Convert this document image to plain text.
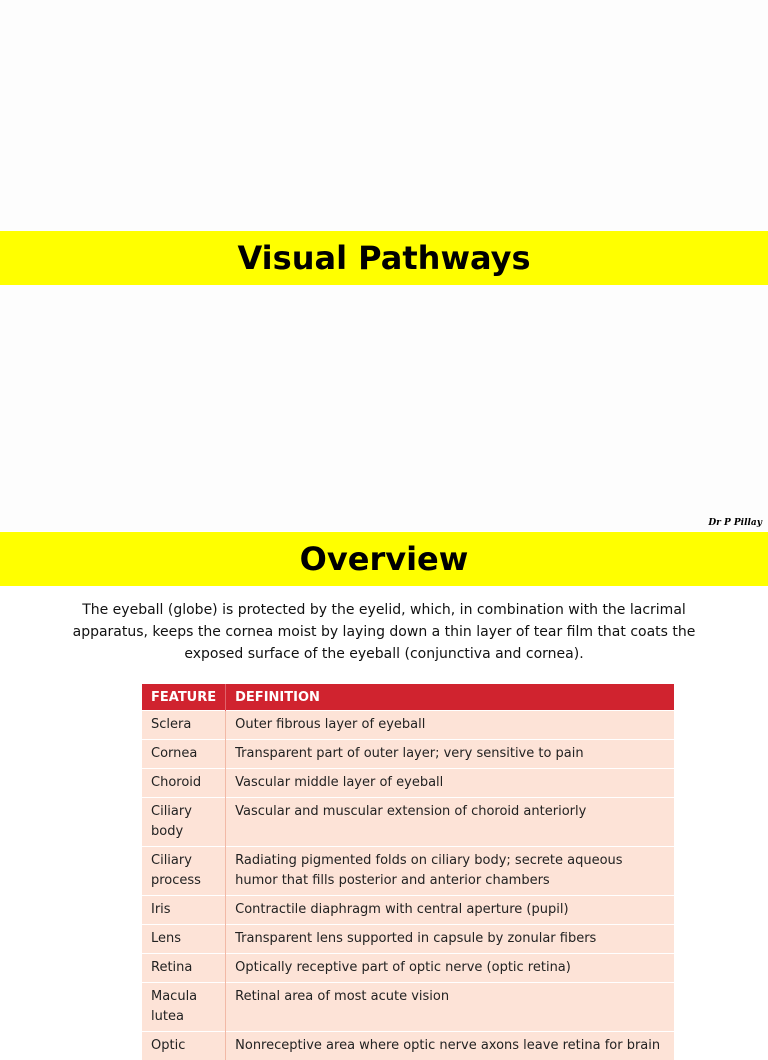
Visual Pathways
Dr P Pillay
Overview
The eyeball (globe) is protected by the eyelid, which, in combination with the lacrimal apparatus, keeps the cornea moist by laying down a thin layer of tear film that coats the exposed surface of the eyeball (conjunctiva and cornea).
FEATURE	DEFINITION
Sclera	Outer fibrous layer of eyeball
Cornea	Transparent part of outer layer; very sensitive to pain
Choroid	Vascular middle layer of eyeball
Ciliary body	Vascular and muscular extension of choroid anteriorly
Ciliary process	Radiating pigmented folds on ciliary body; secrete aqueous humor that fills posterior and anterior chambers
Iris	Contractile diaphragm with central aperture (pupil)
Lens	Transparent lens supported in capsule by zonular fibers
Retina	Optically receptive part of optic nerve (optic retina)
Macula lutea	Retinal area of most acute vision
Optic	Nonreceptive area where optic nerve axons leave retina for brain
